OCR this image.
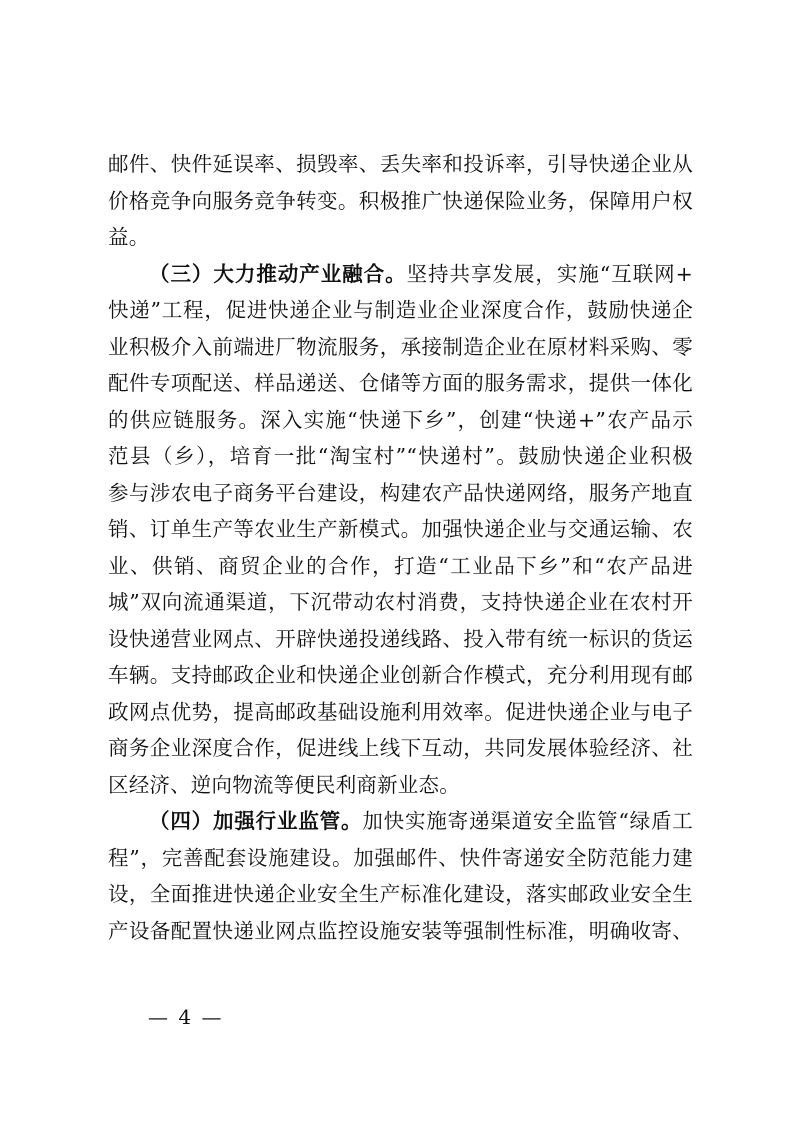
邮件、快件延误率、损毁率、丢失率和投诉率，引导快递企业从
价格竞争向服务竞争转变。积极推广快递保险业务，保障用户权
益。
（三）大力推动产业融合。坚持共享发展，实施“互联网+
快递”工程，促进快递企业与制造业企业深度合作，鼓励快递企
业积极介入前端进厂物流服务，承接制造企业在原材料采购、零
配件专项配送、样品递送、仓储等方面的服务需求，提供一体化
的供应链服务。深入实施“快递下乡”，创建“快递+”农产品示
范县（乡），培育一批“淘宝村”“快递村”。鼓励快递企业积极
参与涉农电子商务平台建设，构建农产品快递网络，服务产地直
销、订单生产等农业生产新模式。加强快递企业与交通运输、农
业、供销、商贸企业的合作，打造“工业品下乡”和“农产品进
城”双向流通渠道，下沉带动农村消费，支持快递企业在农村开
设快递营业网点、开辟快递投递线路、投入带有统一标识的货运
车辆。支持邮政企业和快递企业创新合作模式，充分利用现有邮
政网点优势，提高邮政基础设施利用效率。促进快递企业与电子
商务企业深度合作，促进线上线下互动，共同发展体验经济、社
区经济、逆向物流等便民利商新业态。
（四）加强行业监管。加快实施寄递渠道安全监管“绿盾工
程”，完善配套设施建设。加强邮件、快件寄递安全防范能力建
设，全面推进快递企业安全生产标准化建设，落实邮政业安全生
产设备配置快递业网点监控设施安装等强制性标准，明确收寄、
— 4 —
